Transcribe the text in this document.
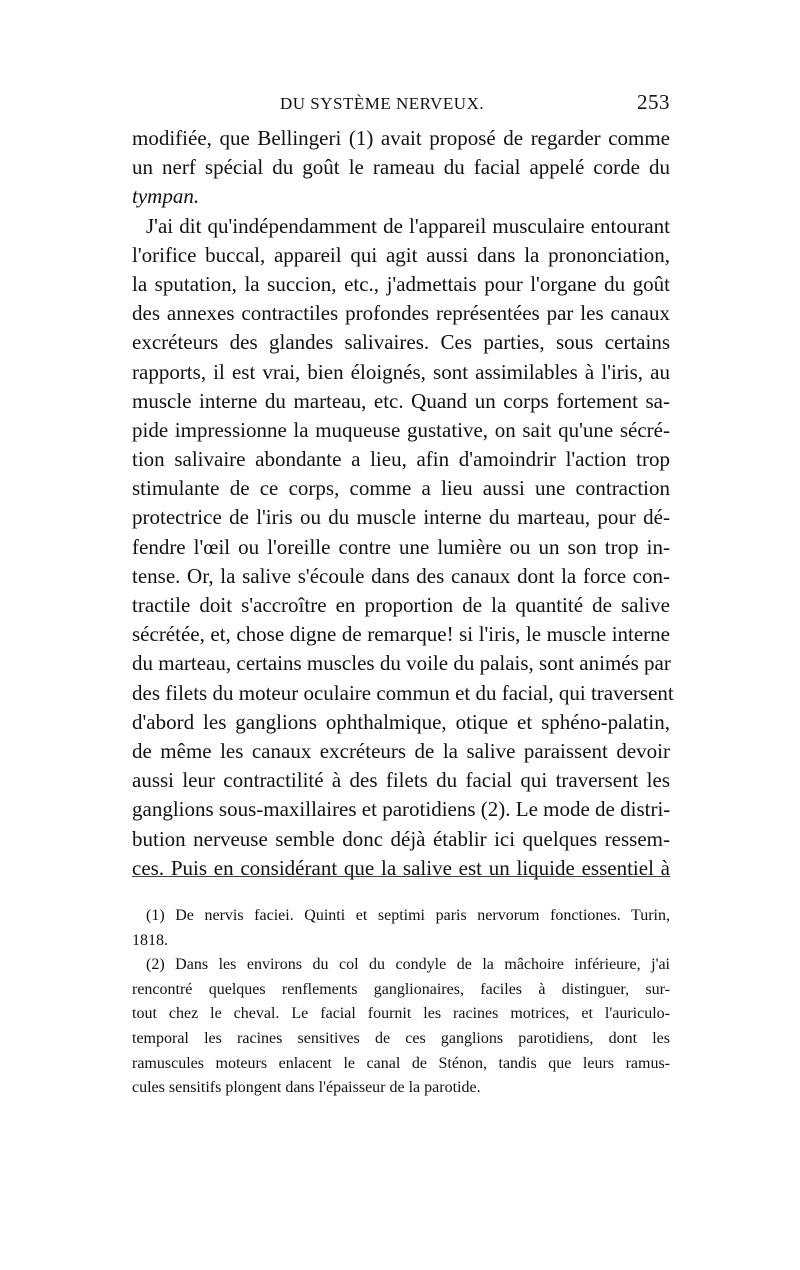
DU SYSTÈME NERVEUX.	253
modifiée, que Bellingeri (1) avait proposé de regarder comme
un nerf spécial du goût le rameau du facial appelé corde du
tympan.
J'ai dit qu'indépendamment de l'appareil musculaire entourant
l'orifice buccal, appareil qui agit aussi dans la prononciation,
la sputation, la succion, etc., j'admettais pour l'organe du goût
des annexes contractiles profondes représentées par les canaux
excréteurs des glandes salivaires. Ces parties, sous certains
rapports, il est vrai, bien éloignés, sont assimilables à l'iris, au
muscle interne du marteau, etc. Quand un corps fortement sa-
pide impressionne la muqueuse gustative, on sait qu'une sécré-
tion salivaire abondante a lieu, afin d'amoindrir l'action trop
stimulante de ce corps, comme a lieu aussi une contraction
protectrice de l'iris ou du muscle interne du marteau, pour dé-
fendre l'œil ou l'oreille contre une lumière ou un son trop in-
tense. Or, la salive s'écoule dans des canaux dont la force con-
tractile doit s'accroître en proportion de la quantité de salive
sécrétée, et, chose digne de remarque! si l'iris, le muscle interne
du marteau, certains muscles du voile du palais, sont animés par
des filets du moteur oculaire commun et du facial, qui traversent
d'abord les ganglions ophthalmique, otique et sphéno-palatin,
de même les canaux excréteurs de la salive paraissent devoir
aussi leur contractilité à des filets du facial qui traversent les
ganglions sous-maxillaires et parotidiens (2). Le mode de distri-
bution nerveuse semble donc déjà établir ici quelques ressem-
ces. Puis en considérant que la salive est un liquide essentiel à
(1) De nervis faciei. Quinti et septimi paris nervorum fonctiones. Turin,
1818.
(2) Dans les environs du col du condyle de la mâchoire inférieure, j'ai
rencontré quelques renflements ganglionaires, faciles à distinguer, sur-
tout chez le cheval. Le facial fournit les racines motrices, et l'auriculo-
temporal les racines sensitives de ces ganglions parotidiens, dont les
ramuscules moteurs enlacent le canal de Sténon, tandis que leurs ramus-
cules sensitifs plongent dans l'épaisseur de la parotide.
